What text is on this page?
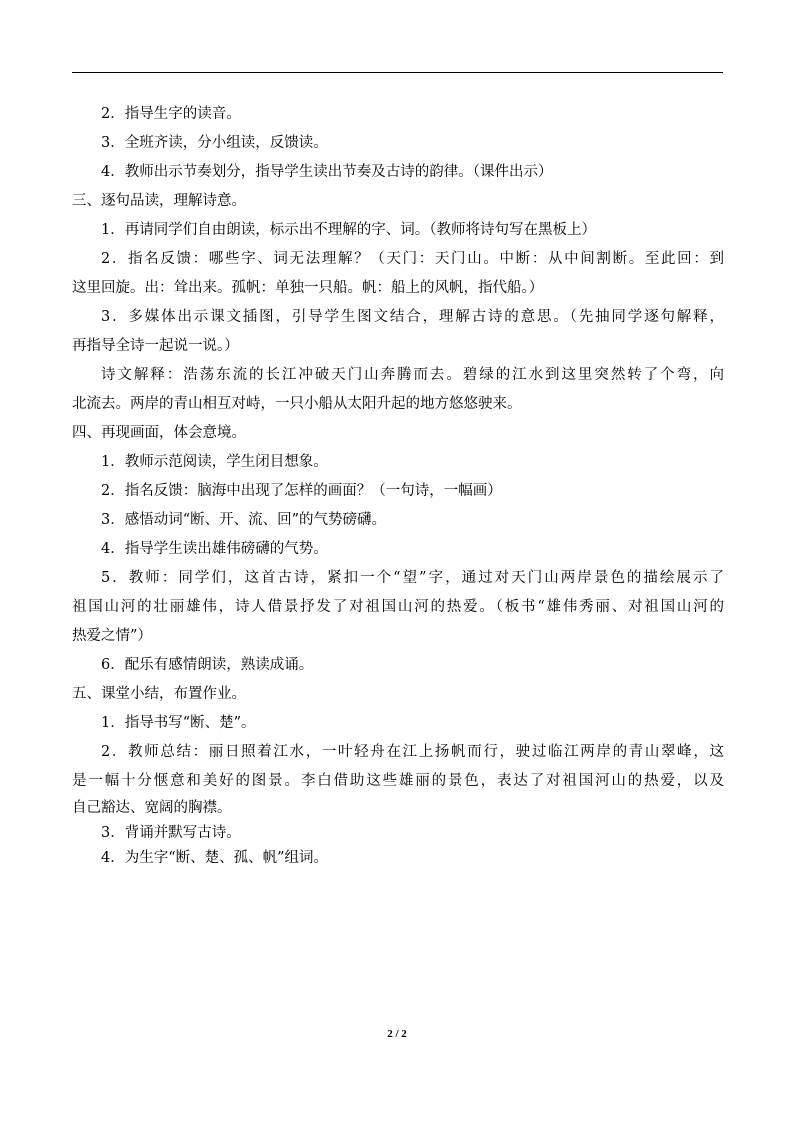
2．指导生字的读音。

3．全班齐读，分小组读，反馈读。

4．教师出示节奏划分，指导学生读出节奏及古诗的韵律。（课件出示）

三、逐句品读，理解诗意。

1．再请同学们自由朗读，标示出不理解的字、词。（教师将诗句写在黑板上）

2．指名反馈：哪些字、词无法理解？（天门：天门山。中断：从中间割断。至此回：到

这里回旋。出：耸出来。孤帆：单独一只船。帆：船上的风帆，指代船。）

3．多媒体出示课文插图，引导学生图文结合，理解古诗的意思。（先抽同学逐句解释，

再指导全诗一起说一说。）

诗文解释：浩荡东流的长江冲破天门山奔腾而去。碧绿的江水到这里突然转了个弯，向

北流去。两岸的青山相互对峙，一只小船从太阳升起的地方悠悠驶来。

四、再现画面，体会意境。

1．教师示范阅读，学生闭目想象。

2．指名反馈：脑海中出现了怎样的画面？（一句诗，一幅画）

3．感悟动词“断、开、流、回”的气势磅礴。

4．指导学生读出雄伟磅礴的气势。

5．教师：同学们，这首古诗，紧扣一个“望”字，通过对天门山两岸景色的描绘展示了

祖国山河的壮丽雄伟，诗人借景抒发了对祖国山河的热爱。（板书“雄伟秀丽、对祖国山河的

热爱之情”）

6．配乐有感情朗读，熟读成诵。

五、课堂小结，布置作业。

1．指导书写“断、楚”。

2．教师总结：丽日照着江水，一叶轻舟在江上扬帆而行，驶过临江两岸的青山翠峰，这

是一幅十分惬意和美好的图景。李白借助这些雄丽的景色，表达了对祖国河山的热爱，以及

自己豁达、宽阔的胸襟。

3．背诵并默写古诗。

4．为生字“断、楚、孤、帆”组词。

2 / 2
